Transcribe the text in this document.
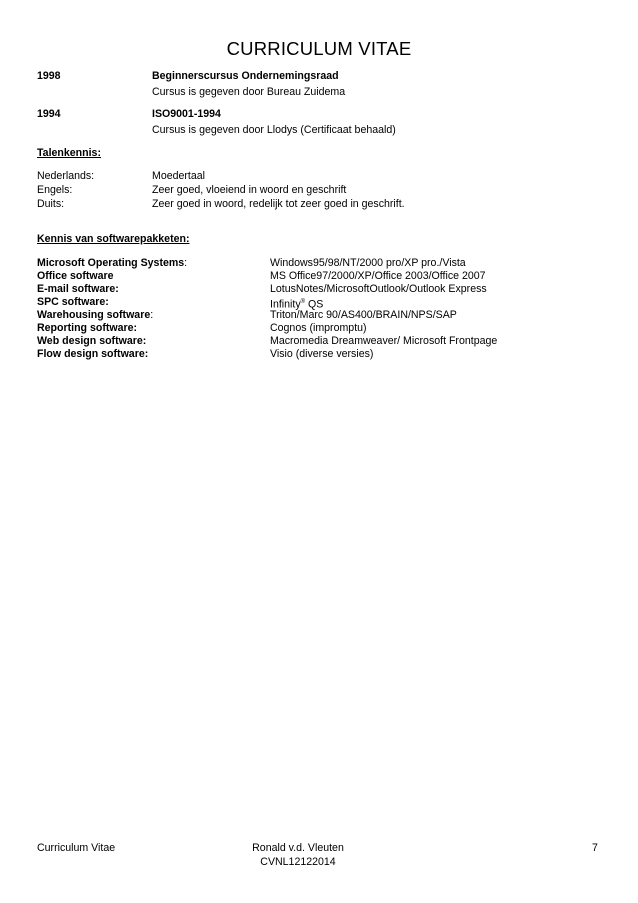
CURRICULUM VITAE
1998	Beginnerscursus Ondernemingsraad
Cursus is gegeven door Bureau Zuidema
1994	ISO9001-1994
Cursus is gegeven door Llodys (Certificaat behaald)
Talenkennis:
Nederlands:	Moedertaal
Engels:	Zeer goed, vloeiend in woord en geschrift
Duits:	Zeer goed in woord, redelijk tot zeer goed in geschrift.
Kennis van softwarepakketen:
Microsoft Operating Systems:	Windows95/98/NT/2000 pro/XP pro./Vista
Office software	MS Office97/2000/XP/Office 2003/Office 2007
E-mail software:	LotusNotes/MicrosoftOutlook/Outlook Express
SPC software:	Infinity® QS
Warehousing software:	Triton/Marc 90/AS400/BRAIN/NPS/SAP
Reporting software:	Cognos (impromptu)
Web design software:	Macromedia Dreamweaver/ Microsoft Frontpage
Flow design software:	Visio (diverse versies)
Curriculum Vitae	Ronald v.d. Vleuten
CVNL12122014
7
